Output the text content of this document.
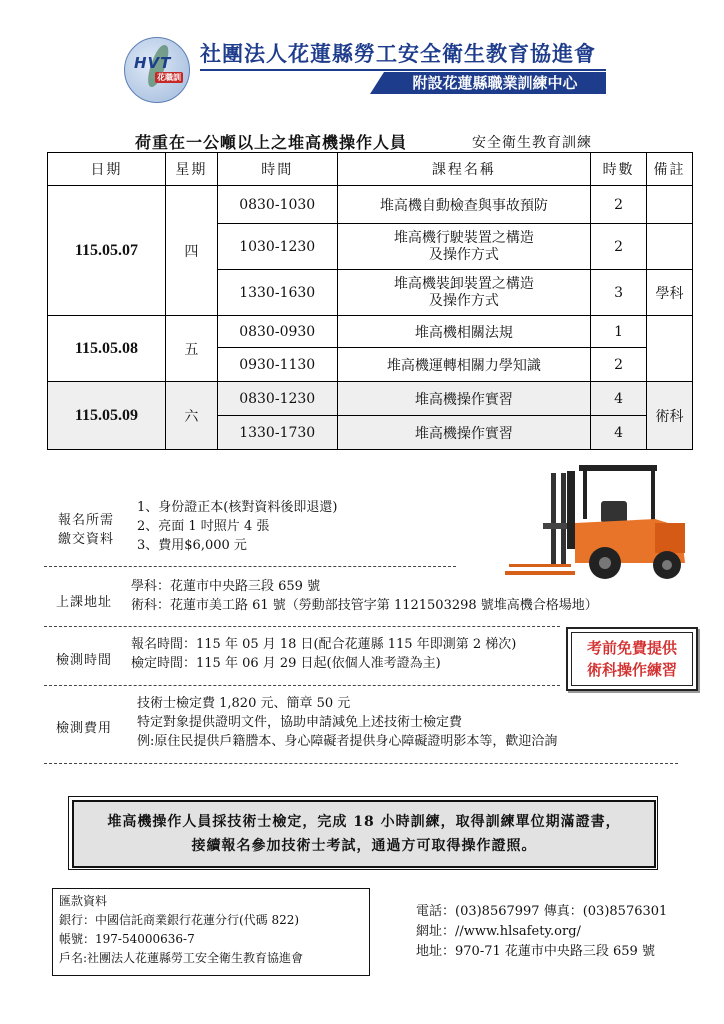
HVT
花職訓
社團法人花蓮縣勞工安全衛生教育協進會
附設花蓮縣職業訓練中心
荷重在一公噸以上之堆高機操作人員	安全衛生教育訓練
日期	星期	時間	課程名稱	時數	備註
115.05.07	四	0830-1030	堆高機自動檢查與事故預防	2	
		1030-1230	堆高機行駛裝置之構造
及操作方式	2	
		1330-1630	堆高機裝卸裝置之構造
及操作方式	3	學科
115.05.08	五	0830-0930	堆高機相關法規	1	
		0930-1130	堆高機運轉相關力學知識	2	
115.05.09	六	0830-1230	堆高機操作實習	4	術科
		1330-1730	堆高機操作實習	4	
報名所需
繳交資料
1、身份證正本(核對資料後即退還)
2、亮面 1 吋照片 4 張
3、費用$6,000 元
上課地址
學科：花蓮市中央路三段 659 號
術科：花蓮市美工路 61 號（勞動部技管字第 1121503298 號堆高機合格場地）
檢測時間
報名時間：115 年 05 月 18 日(配合花蓮縣 115 年即測第 2 梯次)
檢定時間：115 年 06 月 29 日起(依個人准考證為主)
考前免費提供
術科操作練習
檢測費用
技術士檢定費 1,820 元、簡章 50 元
特定對象提供證明文件，協助申請減免上述技術士檢定費
例:原住民提供戶籍謄本、身心障礙者提供身心障礙證明影本等，歡迎洽詢
堆高機操作人員採技術士檢定，完成 18 小時訓練，取得訓練單位期滿證書，
接續報名參加技術士考試，通過方可取得操作證照。
匯款資料
銀行：中國信託商業銀行花蓮分行(代碼 822)
帳號：197-54000636-7
戶名:社團法人花蓮縣勞工安全衛生教育協進會
電話：(03)8567997 傳真：(03)8576301
網址：//www.hlsafety.org/
地址：970-71 花蓮市中央路三段 659 號
